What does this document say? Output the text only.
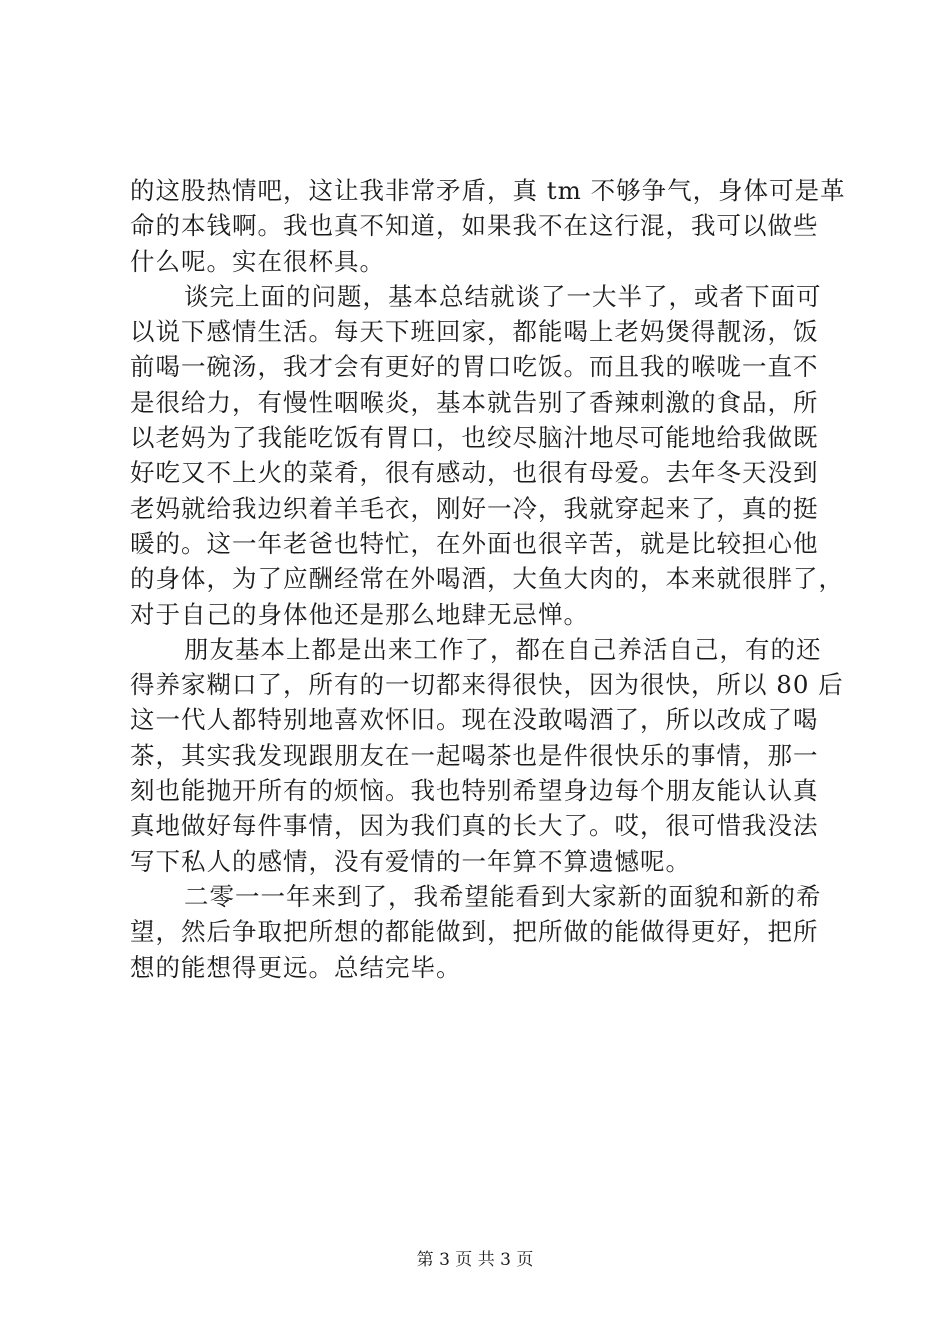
的这股热情吧，这让我非常矛盾，真 tm 不够争气，身体可是革
命的本钱啊。我也真不知道，如果我不在这行混，我可以做些
什么呢。实在很杯具。
谈完上面的问题，基本总结就谈了一大半了，或者下面可
以说下感情生活。每天下班回家，都能喝上老妈煲得靓汤，饭
前喝一碗汤，我才会有更好的胃口吃饭。而且我的喉咙一直不
是很给力，有慢性咽喉炎，基本就告别了香辣刺激的食品，所
以老妈为了我能吃饭有胃口，也绞尽脑汁地尽可能地给我做既
好吃又不上火的菜肴，很有感动，也很有母爱。去年冬天没到
老妈就给我边织着羊毛衣，刚好一冷，我就穿起来了，真的挺
暖的。这一年老爸也特忙，在外面也很辛苦，就是比较担心他
的身体，为了应酬经常在外喝酒，大鱼大肉的，本来就很胖了，
对于自己的身体他还是那么地肆无忌惮。
朋友基本上都是出来工作了，都在自己养活自己，有的还
得养家糊口了，所有的一切都来得很快，因为很快，所以 80 后
这一代人都特别地喜欢怀旧。现在没敢喝酒了，所以改成了喝
茶，其实我发现跟朋友在一起喝茶也是件很快乐的事情，那一
刻也能抛开所有的烦恼。我也特别希望身边每个朋友能认认真
真地做好每件事情，因为我们真的长大了。哎，很可惜我没法
写下私人的感情，没有爱情的一年算不算遗憾呢。
二零一一年来到了，我希望能看到大家新的面貌和新的希
望，然后争取把所想的都能做到，把所做的能做得更好，把所
想的能想得更远。总结完毕。
第 3 页 共 3 页
